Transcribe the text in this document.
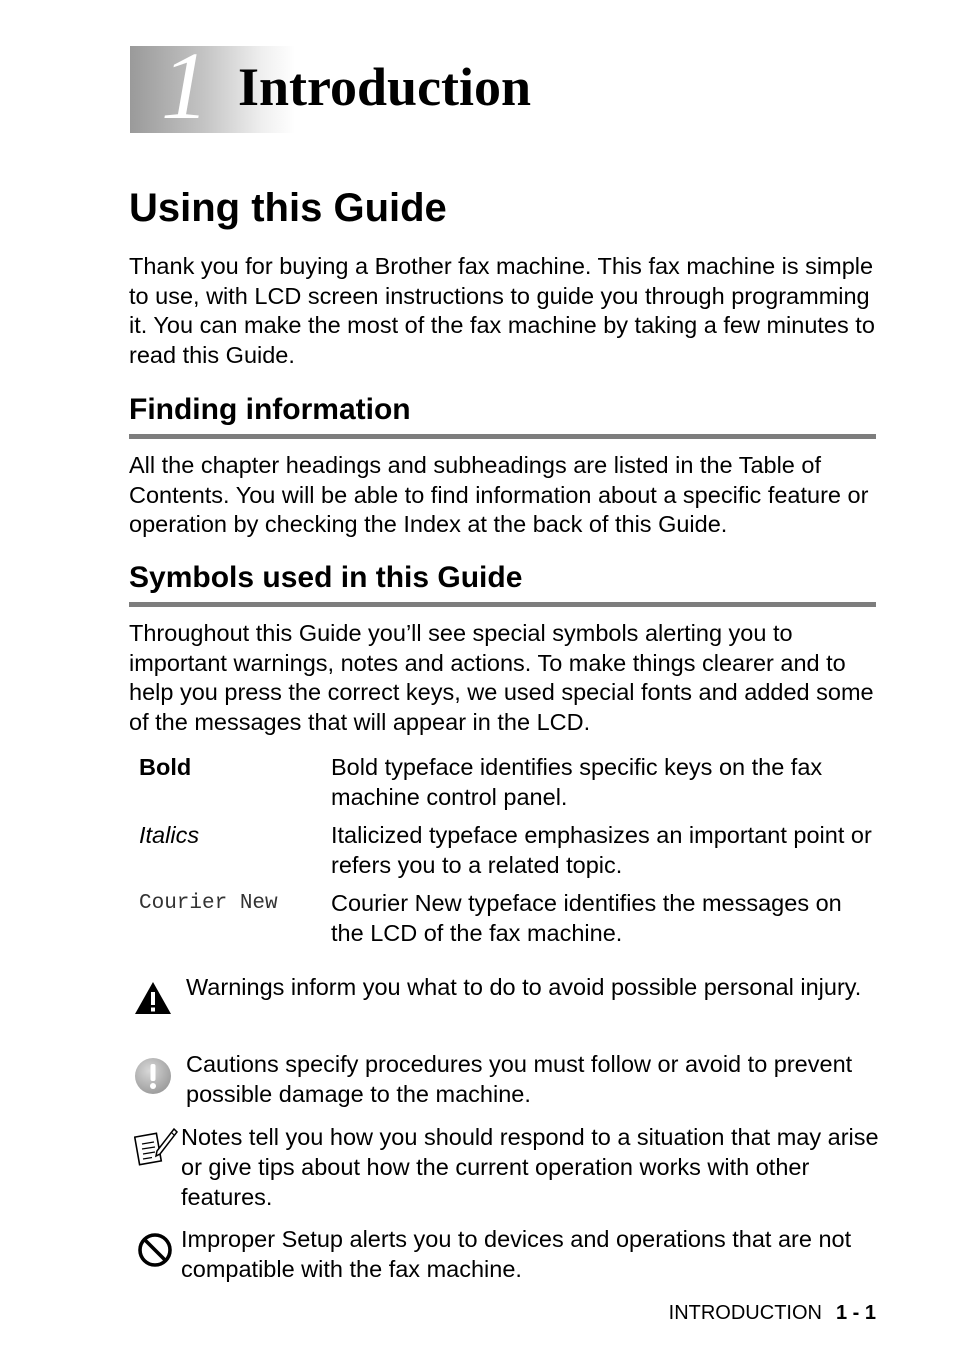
1 Introduction
Using this Guide
Thank you for buying a Brother fax machine. This fax machine is simple to use, with LCD screen instructions to guide you through programming it. You can make the most of the fax machine by taking a few minutes to read this Guide.
Finding information
All the chapter headings and subheadings are listed in the Table of Contents. You will be able to find information about a specific feature or operation by checking the Index at the back of this Guide.
Symbols used in this Guide
Throughout this Guide you’ll see special symbols alerting you to important warnings, notes and actions. To make things clearer and to help you press the correct keys, we used special fonts and added some of the messages that will appear in the LCD.
Bold	Bold typeface identifies specific keys on the fax machine control panel.
Italics	Italicized typeface emphasizes an important point or refers you to a related topic.
Courier New Courier New typeface identifies the messages on the LCD of the fax machine.
Warnings inform you what to do to avoid possible personal injury.
Cautions specify procedures you must follow or avoid to prevent possible damage to the machine.
Notes tell you how you should respond to a situation that may arise or give tips about how the current operation works with other features.
Improper Setup alerts you to devices and operations that are not compatible with the fax machine.
INTRODUCTION 1 - 1
